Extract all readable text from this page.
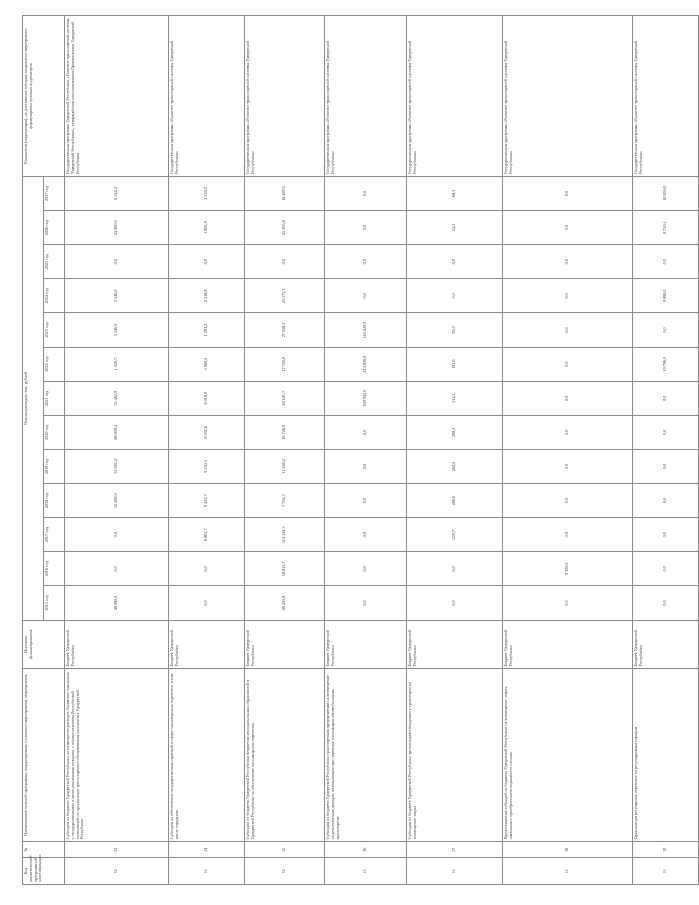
Код аналитической программной классификации	№	Наименование целевой программы, подпрограммы, основного мероприятия, мероприятия	Источник финансирования	Оценка расходов, тыс. рублей													Показатели (индикаторы), на достижение которых направлено мероприятие, формулировка целевых индикаторов
				2015 год	2016 год	2017 год	2018 год	2019 год	2020 год	2021 год	2022 год	2023 год	2024 год	2025 год	2026 год	2027 год	
11	13	Субсидия из бюджета Удмуртской Республики на возмещение расходов бюджетов, связанных с государственными и муниципальными нуждами, с осуществлением Республикой полномочий по организации транспортного обслуживания населения в Удмуртской Республике	Бюджет Удмуртской Республики	48 080,0	0,0	0,0	32 200,0	55 082,4	68 009,4	55 482,9	1 020,7	5 346,0	5 546,0	0,0	24 980,0	8 342,4	Государственная программа Удмуртской Республики «Развитие транспортной системы Удмуртской Республики», утверждённая постановлением Правительства Удмуртской Республики
11	14	Субсидия на обеспечение государственных гарантий в сфере пассажирских перевозок, в том числе городских	Бюджет Удмуртской Республики	0,0	0,0	6 863,7	9 423,7	9 330,3	8 592,6	8 018,9	5 960,2	1 291,2	2 318,9	0,0	1 881,9	2 329,2	Государственная программа «Развитие транспортной системы Удмуртской Республики»
11	15	Субсидии из бюджета Удмуртской Республики бюджетам муниципальных образований в Удмуртской Республике на обеспечение пассажирских перевозок	Бюджет Удмуртской Республики	69 225,8	18 813,7	114 138,3	7 752,5	11 258,4	16 726,0	18 181,7	17 720,0	27 058,3	23 575,3	0,0	25 293,8	18 489,5	Государственная программа «Развитие транспортной системы Удмуртской Республики»
11	16	Субсидия из бюджета Удмуртской Республики транспортным предприятиям на возмещение недополученных доходов, возникающих при перевозке пассажиров автомобильным транспортом	Бюджет Удмуртской Республики	0,0	0,0	0,0	0,0	0,0	0,0	169 043,0	214 838,0	165 620,0	0,0	0,0	0,0	0,0	Государственная программа «Развитие транспортной системы Удмуртской Республики»
11	17	Субсидия из бюджета Удмуртской Республики организациям воздушного транспорта на возмещение затрат	Бюджет Удмуртской Республики	0,0	0,0	220,7	406,6	260,2	298,5	314,5	191,6	92,0	0,0	0,0	54,3	68,3	Государственная программа «Развитие транспортной системы Удмуртской Республики»
11	18	Предоставление субсидий из бюджета Удмуртской Республики на возмещение затрат, связанных с приобретением подвижного состава	Бюджет Удмуртской Республики	0,0	9 350,0	0,0	0,0	0,0	0,0	0,0	0,0	0,0	0,0	0,0	0,0	0,0	Государственная программа «Развитие транспортной системы Удмуртской Республики»
11	19	Организация регулярных перевозок по регулируемым тарифам	Бюджет Удмуртской Республики	0,0	0,0	0,0	0,0	0,0	0,0	0,0	19 796,0	0,0	9 888,0	0,0	8 710,1	10 959,0	Государственная программа «Развитие транспортной системы Удмуртской Республики»
